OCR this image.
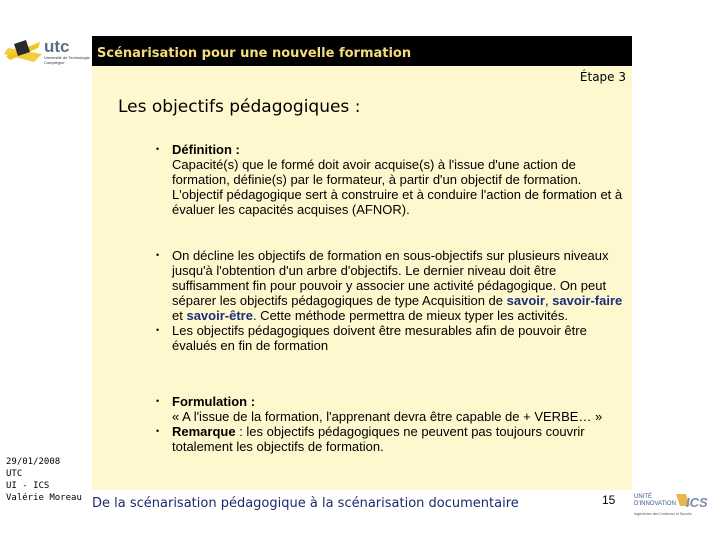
utc
Université de Technologie Compiègne
Scénarisation pour une nouvelle formation
Étape 3
Les objectifs pédagogiques :
• Définition :
Capacité(s) que le formé doit avoir acquise(s) à l'issue d'une action de formation, définie(s) par le formateur, à partir d'un objectif de formation. L'objectif pédagogique sert à construire et à conduire l'action de formation et à évaluer les capacités acquises (AFNOR).
• On décline les objectifs de formation en sous-objectifs sur plusieurs niveaux jusqu'à l'obtention d'un arbre d'objectifs. Le dernier niveau doit être suffisamment fin pour pouvoir y associer une activité pédagogique. On peut séparer les objectifs pédagogiques de type Acquisition de savoir, savoir-faire et savoir-être. Cette méthode permettra de mieux typer les activités.
• Les objectifs pédagogiques doivent être mesurables afin de pouvoir être évalués en fin de formation
• Formulation :
« A l'issue de la formation, l'apprenant devra être capable de + VERBE… »
• Remarque : les objectifs pédagogiques ne peuvent pas toujours couvrir totalement les objectifs de formation.
29/01/2008
UTC
UI - ICS
Valérie Moreau De la scénarisation pédagogique à la scénarisation documentaire	15	UNITÉ
D'INNOVATION ICS
Ingénieries des Contenus et Savoirs
